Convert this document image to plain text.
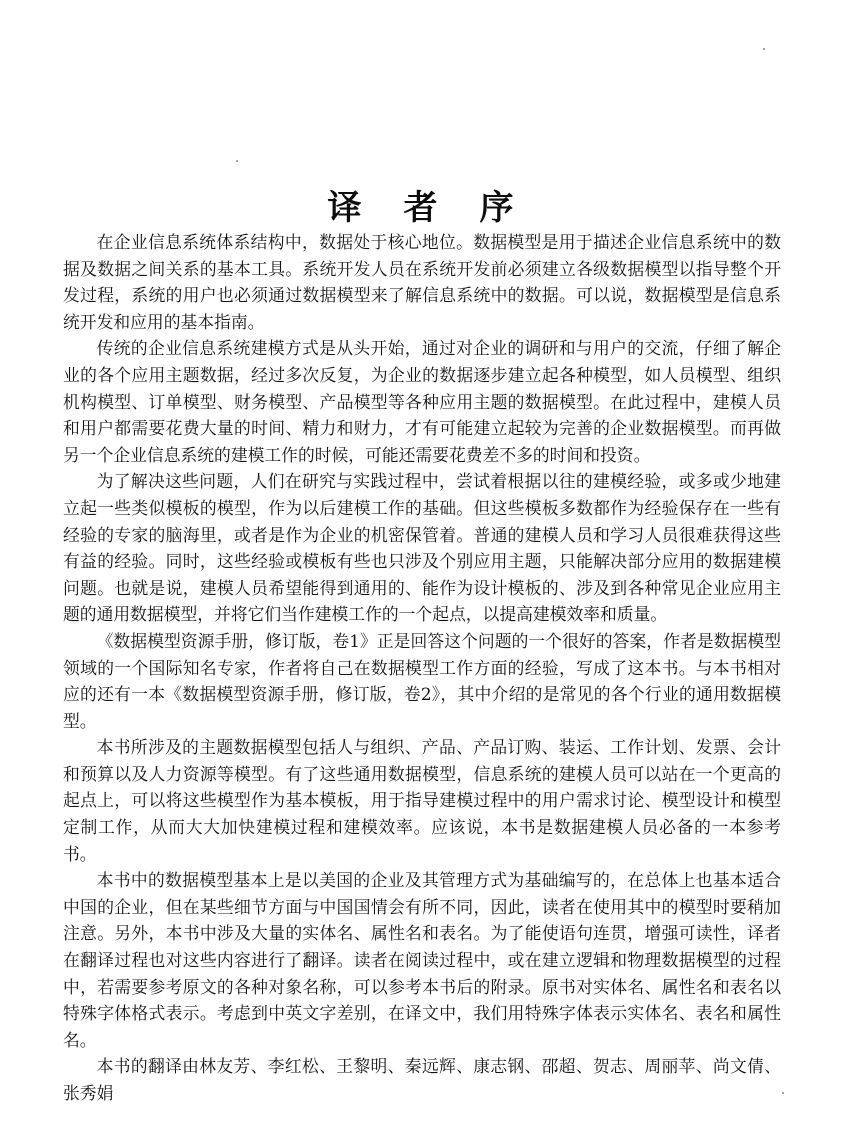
译者序

在企业信息系统体系结构中，数据处于核心地位。数据模型是用于描述企业信息系统中的数据及数据之间关系的基本工具。系统开发人员在系统开发前必须建立各级数据模型以指导整个开发过程，系统的用户也必须通过数据模型来了解信息系统中的数据。可以说，数据模型是信息系统开发和应用的基本指南。

传统的企业信息系统建模方式是从头开始，通过对企业的调研和与用户的交流，仔细了解企业的各个应用主题数据，经过多次反复，为企业的数据逐步建立起各种模型，如人员模型、组织机构模型、订单模型、财务模型、产品模型等各种应用主题的数据模型。在此过程中，建模人员和用户都需要花费大量的时间、精力和财力，才有可能建立起较为完善的企业数据模型。而再做另一个企业信息系统的建模工作的时候，可能还需要花费差不多的时间和投资。

为了解决这些问题，人们在研究与实践过程中，尝试着根据以往的建模经验，或多或少地建立起一些类似模板的模型，作为以后建模工作的基础。但这些模板多数都作为经验保存在一些有经验的专家的脑海里，或者是作为企业的机密保管着。普通的建模人员和学习人员很难获得这些有益的经验。同时，这些经验或模板有些也只涉及个别应用主题，只能解决部分应用的数据建模问题。也就是说，建模人员希望能得到通用的、能作为设计模板的、涉及到各种常见企业应用主题的通用数据模型，并将它们当作建模工作的一个起点，以提高建模效率和质量。

《数据模型资源手册，修订版，卷1》正是回答这个问题的一个很好的答案，作者是数据模型领域的一个国际知名专家，作者将自己在数据模型工作方面的经验，写成了这本书。与本书相对应的还有一本《数据模型资源手册，修订版，卷2》，其中介绍的是常见的各个行业的通用数据模型。

本书所涉及的主题数据模型包括人与组织、产品、产品订购、装运、工作计划、发票、会计和预算以及人力资源等模型。有了这些通用数据模型，信息系统的建模人员可以站在一个更高的起点上，可以将这些模型作为基本模板，用于指导建模过程中的用户需求讨论、模型设计和模型定制工作，从而大大加快建模过程和建模效率。应该说，本书是数据建模人员必备的一本参考书。

本书中的数据模型基本上是以美国的企业及其管理方式为基础编写的，在总体上也基本适合中国的企业，但在某些细节方面与中国国情会有所不同，因此，读者在使用其中的模型时要稍加注意。另外，本书中涉及大量的实体名、属性名和表名。为了能使语句连贯，增强可读性，译者在翻译过程也对这些内容进行了翻译。读者在阅读过程中，或在建立逻辑和物理数据模型的过程中，若需要参考原文的各种对象名称，可以参考本书后的附录。原书对实体名、属性名和表名以特殊字体格式表示。考虑到中英文字差别，在译文中，我们用特殊字体表示实体名、表名和属性名。

本书的翻译由林友芳、李红松、王黎明、秦远辉、康志钢、邵超、贺志、周丽苹、尚文倩、张秀娟
